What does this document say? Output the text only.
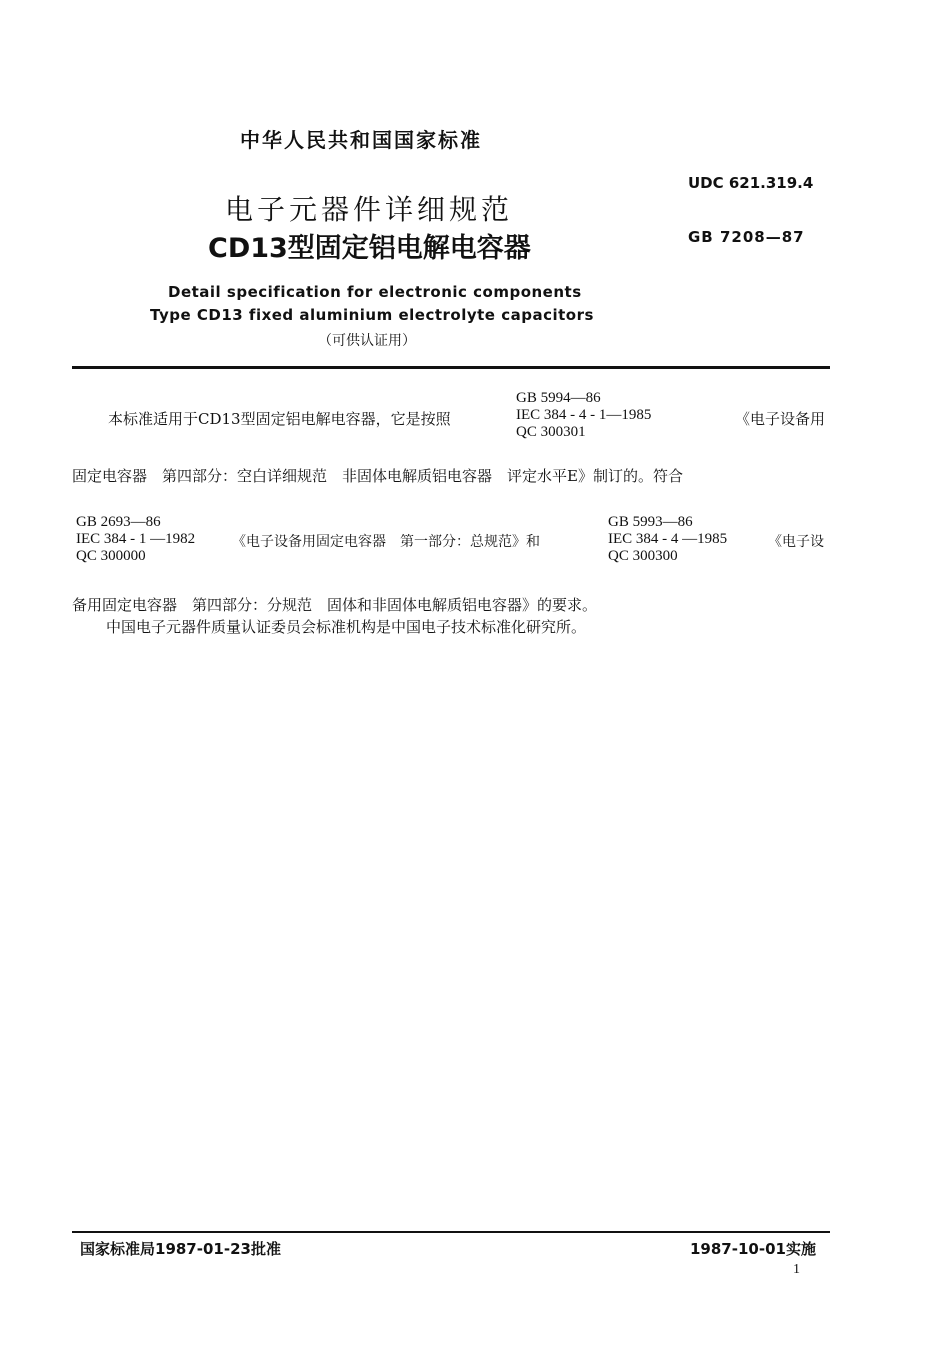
中华人民共和国国家标准
UDC 621.319.4
GB 7208—87
电子元器件详细规范
CD13型固定铝电解电容器
Detail specification for electronic components
Type CD13 fixed aluminium electrolyte capacitors
（可供认证用）
本标准适用于CD13型固定铝电解电容器，它是按照
GB 5994—86
IEC 384 - 4 - 1—1985
QC 300301
《电子设备用
固定电容器　第四部分：空白详细规范　非固体电解质铝电容器　评定水平E》制订的。符合
GB 2693—86
IEC 384 - 1 —1982
QC 300000
《电子设备用固定电容器　第一部分：总规范》和
GB 5993—86
IEC 384 - 4 —1985
QC 300300
《电子设
备用固定电容器　第四部分：分规范　固体和非固体电解质铝电容器》的要求。
中国电子元器件质量认证委员会标准机构是中国电子技术标准化研究所。
国家标准局1987-01-23批准	1987-10-01实施
1
